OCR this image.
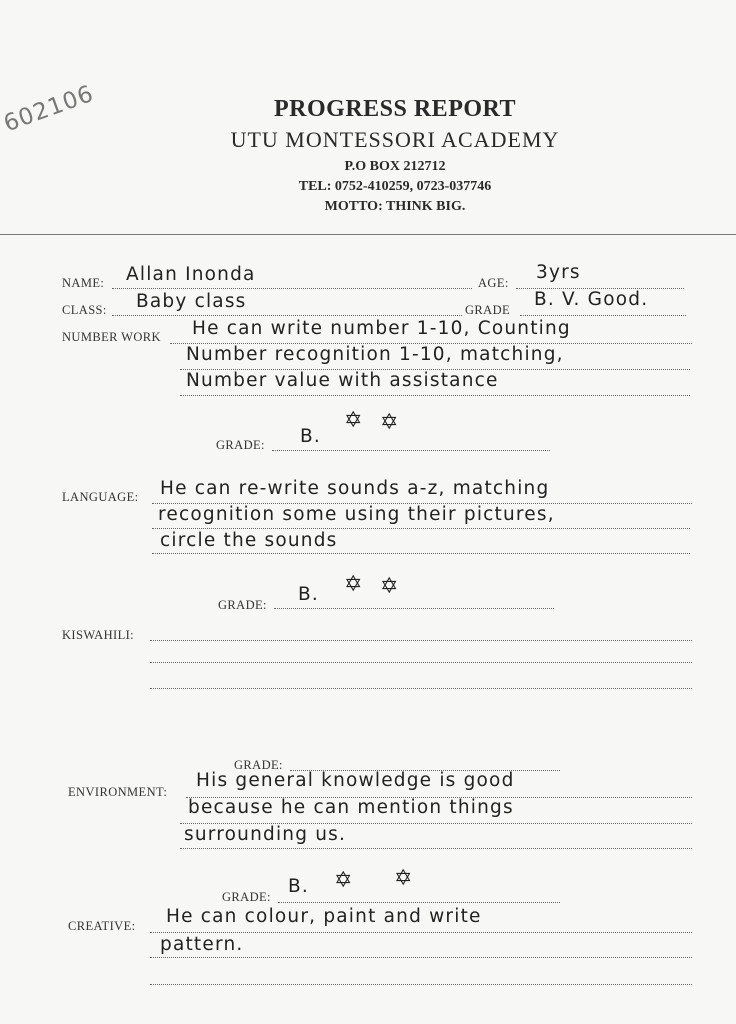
602106	PROGRESS REPORT
UTU MONTESSORI ACADEMY
P.O BOX 212712
TEL: 0752-410259, 0723-037746
MOTTO: THINK BIG.
NAME: Allan Inonda	AGE: 3yrs
CLASS: Baby class	GRADE B. V. Good.
NUMBER WORK He can write number 1-10, Counting
Number recognition 1-10, matching,
Number value with assistance
GRADE: B.
✡ ✡
LANGUAGE: He can re-write sounds a-z, matching
recognition some using their pictures,
circle the sounds
GRADE: B. ✡ ✡
KISWAHILI:
GRADE:
ENVIRONMENT:
His general knowledge is good
because he can mention things
surrounding us.
GRADE: B. ✡ ✡
CREATIVE: He can colour, paint and write
pattern.
